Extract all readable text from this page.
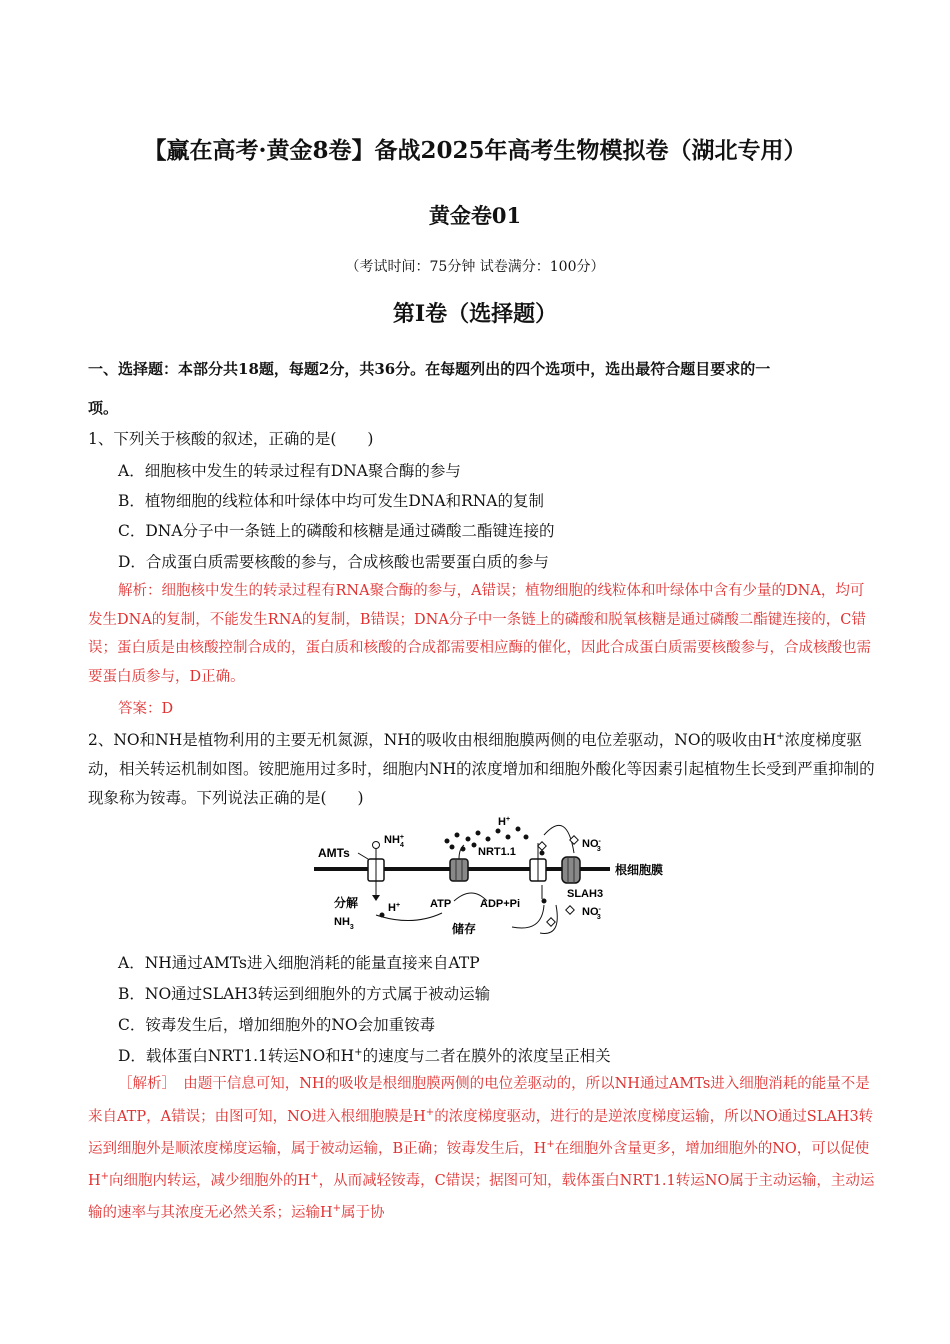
【赢在高考·黄金8卷】备战2025年高考生物模拟卷（湖北专用）
黄金卷01
（考试时间：75分钟 试卷满分：100分）
第I卷（选择题）
一、选择题：本部分共18题，每题2分，共36分。在每题列出的四个选项中，选出最符合题目要求的一
项。
1、下列关于核酸的叙述，正确的是(　　)
A．细胞核中发生的转录过程有DNA聚合酶的参与
B．植物细胞的线粒体和叶绿体中均可发生DNA和RNA的复制
C．DNA分子中一条链上的磷酸和核糖是通过磷酸二酯键连接的
D．合成蛋白质需要核酸的参与，合成核酸也需要蛋白质的参与
解析：细胞核中发生的转录过程有RNA聚合酶的参与，A错误；植物细胞的线粒体和叶绿体中含有少量的DNA，均可发生DNA的复制，不能发生RNA的复制，B错误；DNA分子中一条链上的磷酸和脱氧核糖是通过磷酸二酯键连接的，C错误；蛋白质是由核酸控制合成的，蛋白质和核酸的合成都需要相应酶的催化，因此合成蛋白质需要核酸参与，合成核酸也需要蛋白质参与，D正确。
答案：D
2、NO和NH是植物利用的主要无机氮源，NH的吸收由根细胞膜两侧的电位差驱动，NO的吸收由H+浓度梯度驱动，相关转运机制如图。铵肥施用过多时，细胞内NH的浓度增加和细胞外酸化等因素引起植物生长受到严重抑制的现象称为铵毒。下列说法正确的是(　　)
根细胞膜
AMTs
NH+ 4
ATP	ADP+Pi
H+
NRT1.1
SLAH3
NO-3
NO-3
分解
$NH_3$
H+
储存
A．NH通过AMTs进入细胞消耗的能量直接来自ATP
B．NO通过SLAH3转运到细胞外的方式属于被动运输
C．铵毒发生后，增加细胞外的NO会加重铵毒
D．载体蛋白NRT1.1转运NO和H+的速度与二者在膜外的浓度呈正相关
［解析］　由题干信息可知，NH的吸收是根细胞膜两侧的电位差驱动的，所以NH通过AMTs进入细胞消耗的能量不是来自ATP，A错误；由图可知，NO进入根细胞膜是H+的浓度梯度驱动，进行的是逆浓度梯度运输，所以NO通过SLAH3转运到细胞外是顺浓度梯度运输，属于被动运输，B正确；铵毒发生后，H+在细胞外含量更多，增加细胞外的NO，可以促使H+向细胞内转运，减少细胞外的H+，从而减轻铵毒，C错误；据图可知，载体蛋白NRT1.1转运NO属于主动运输，主动运输的速率与其浓度无必然关系；运输H+属于协
